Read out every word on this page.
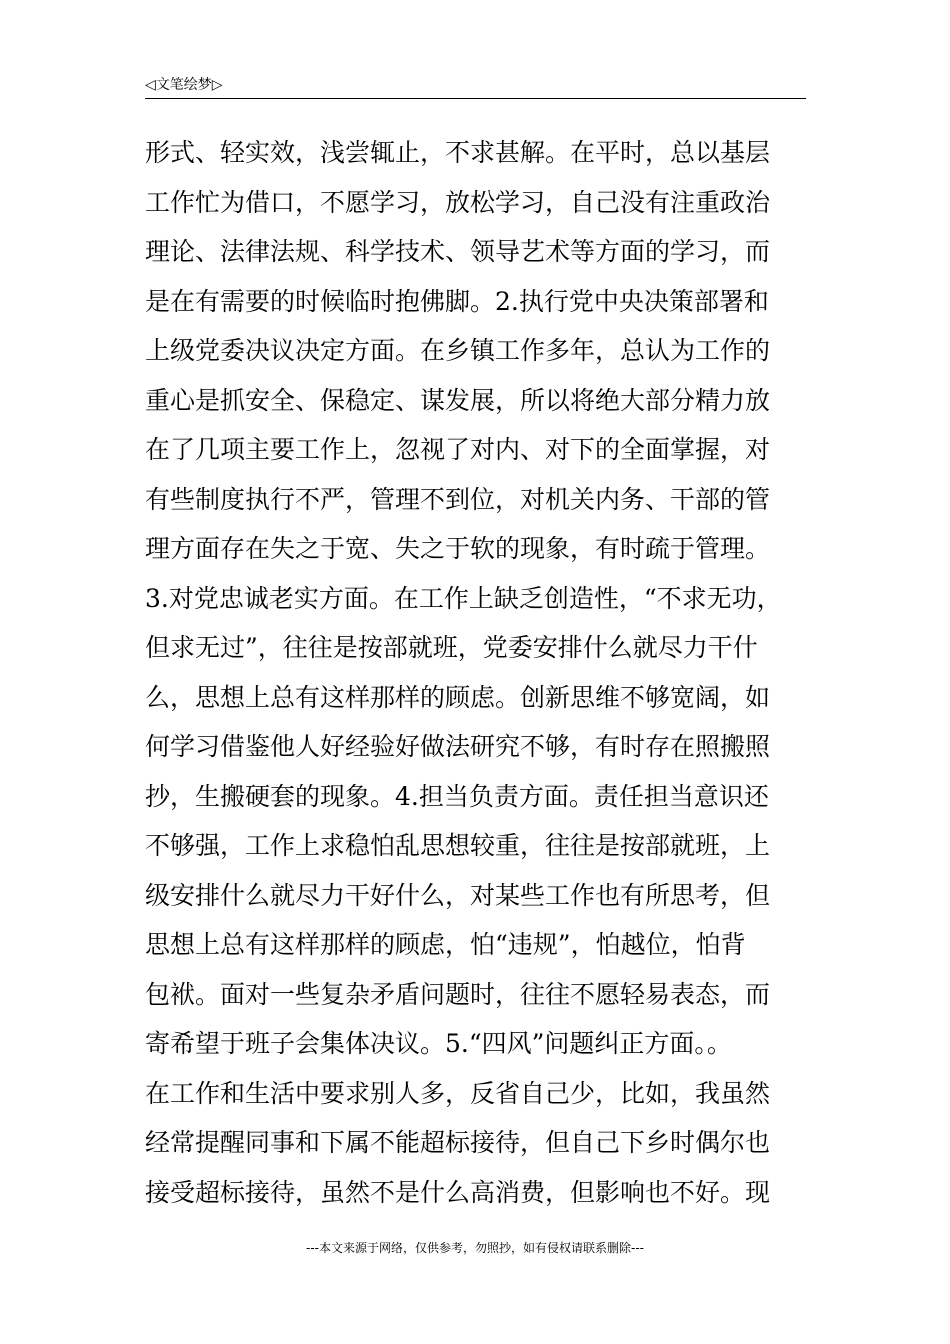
◁文笔绘梦▷
形式、轻实效，浅尝辄止，不求甚解。在平时，总以基层
工作忙为借口，不愿学习，放松学习，自己没有注重政治
理论、法律法规、科学技术、领导艺术等方面的学习，而
是在有需要的时候临时抱佛脚。2.执行党中央决策部署和
上级党委决议决定方面。在乡镇工作多年，总认为工作的
重心是抓安全、保稳定、谋发展，所以将绝大部分精力放
在了几项主要工作上，忽视了对内、对下的全面掌握，对
有些制度执行不严，管理不到位，对机关内务、干部的管
理方面存在失之于宽、失之于软的现象，有时疏于管理。
3.对党忠诚老实方面。在工作上缺乏创造性，“不求无功，
但求无过”，往往是按部就班，党委安排什么就尽力干什
么，思想上总有这样那样的顾虑。创新思维不够宽阔，如
何学习借鉴他人好经验好做法研究不够，有时存在照搬照
抄，生搬硬套的现象。4.担当负责方面。责任担当意识还
不够强，工作上求稳怕乱思想较重，往往是按部就班，上
级安排什么就尽力干好什么，对某些工作也有所思考，但
思想上总有这样那样的顾虑，怕“违规”，怕越位，怕背
包袱。面对一些复杂矛盾问题时，往往不愿轻易表态，而
寄希望于班子会集体决议。5.“四风”问题纠正方面。。
在工作和生活中要求别人多，反省自己少，比如，我虽然
经常提醒同事和下属不能超标接待，但自己下乡时偶尔也
接受超标接待，虽然不是什么高消费，但影响也不好。现
---本文来源于网络，仅供参考，勿照抄，如有侵权请联系删除---
